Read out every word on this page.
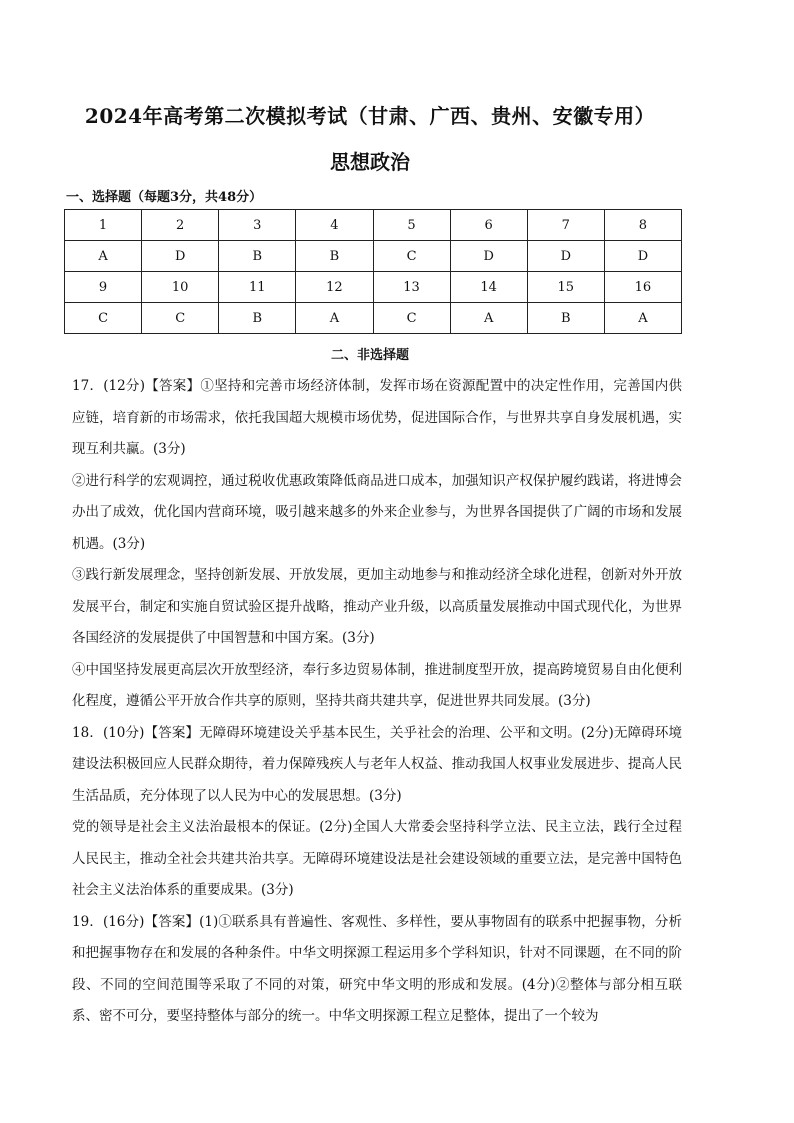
2024年高考第二次模拟考试（甘肃、广西、贵州、安徽专用）
思想政治
一、选择题（每题3分，共48分）
1	2	3	4	5	6	7	8
A	D	B	B	C	D	D	D
9	10	11	12	13	14	15	16
C	C	B	A	C	A	B	A
二、非选择题

17．(12分)【答案】①坚持和完善市场经济体制，发挥市场在资源配置中的决定性作用，完善国内供应链，培育新的市场需求，依托我国超大规模市场优势，促进国际合作，与世界共享自身发展机遇，实现互利共赢。(3分)

②进行科学的宏观调控，通过税收优惠政策降低商品进口成本，加强知识产权保护履约践诺，将进博会办出了成效，优化国内营商环境，吸引越来越多的外来企业参与，为世界各国提供了广阔的市场和发展机遇。(3分)

③践行新发展理念，坚持创新发展、开放发展，更加主动地参与和推动经济全球化进程，创新对外开放发展平台，制定和实施自贸试验区提升战略，推动产业升级，以高质量发展推动中国式现代化，为世界各国经济的发展提供了中国智慧和中国方案。(3分)

④中国坚持发展更高层次开放型经济，奉行多边贸易体制，推进制度型开放，提高跨境贸易自由化便利化程度，遵循公平开放合作共享的原则，坚持共商共建共享，促进世界共同发展。(3分)

18．(10分)【答案】无障碍环境建设关乎基本民生，关乎社会的治理、公平和文明。(2分)无障碍环境建设法积极回应人民群众期待，着力保障残疾人与老年人权益、推动我国人权事业发展进步、提高人民生活品质，充分体现了以人民为中心的发展思想。(3分)

党的领导是社会主义法治最根本的保证。(2分)全国人大常委会坚持科学立法、民主立法，践行全过程人民民主，推动全社会共建共治共享。无障碍环境建设法是社会建设领域的重要立法，是完善中国特色社会主义法治体系的重要成果。(3分)

19．(16分)【答案】(1)①联系具有普遍性、客观性、多样性，要从事物固有的联系中把握事物，分析和把握事物存在和发展的各种条件。中华文明探源工程运用多个学科知识，针对不同课题，在不同的阶段、不同的空间范围等采取了不同的对策，研究中华文明的形成和发展。(4分)②整体与部分相互联系、密不可分，要坚持整体与部分的统一。中华文明探源工程立足整体，提出了一个较为
